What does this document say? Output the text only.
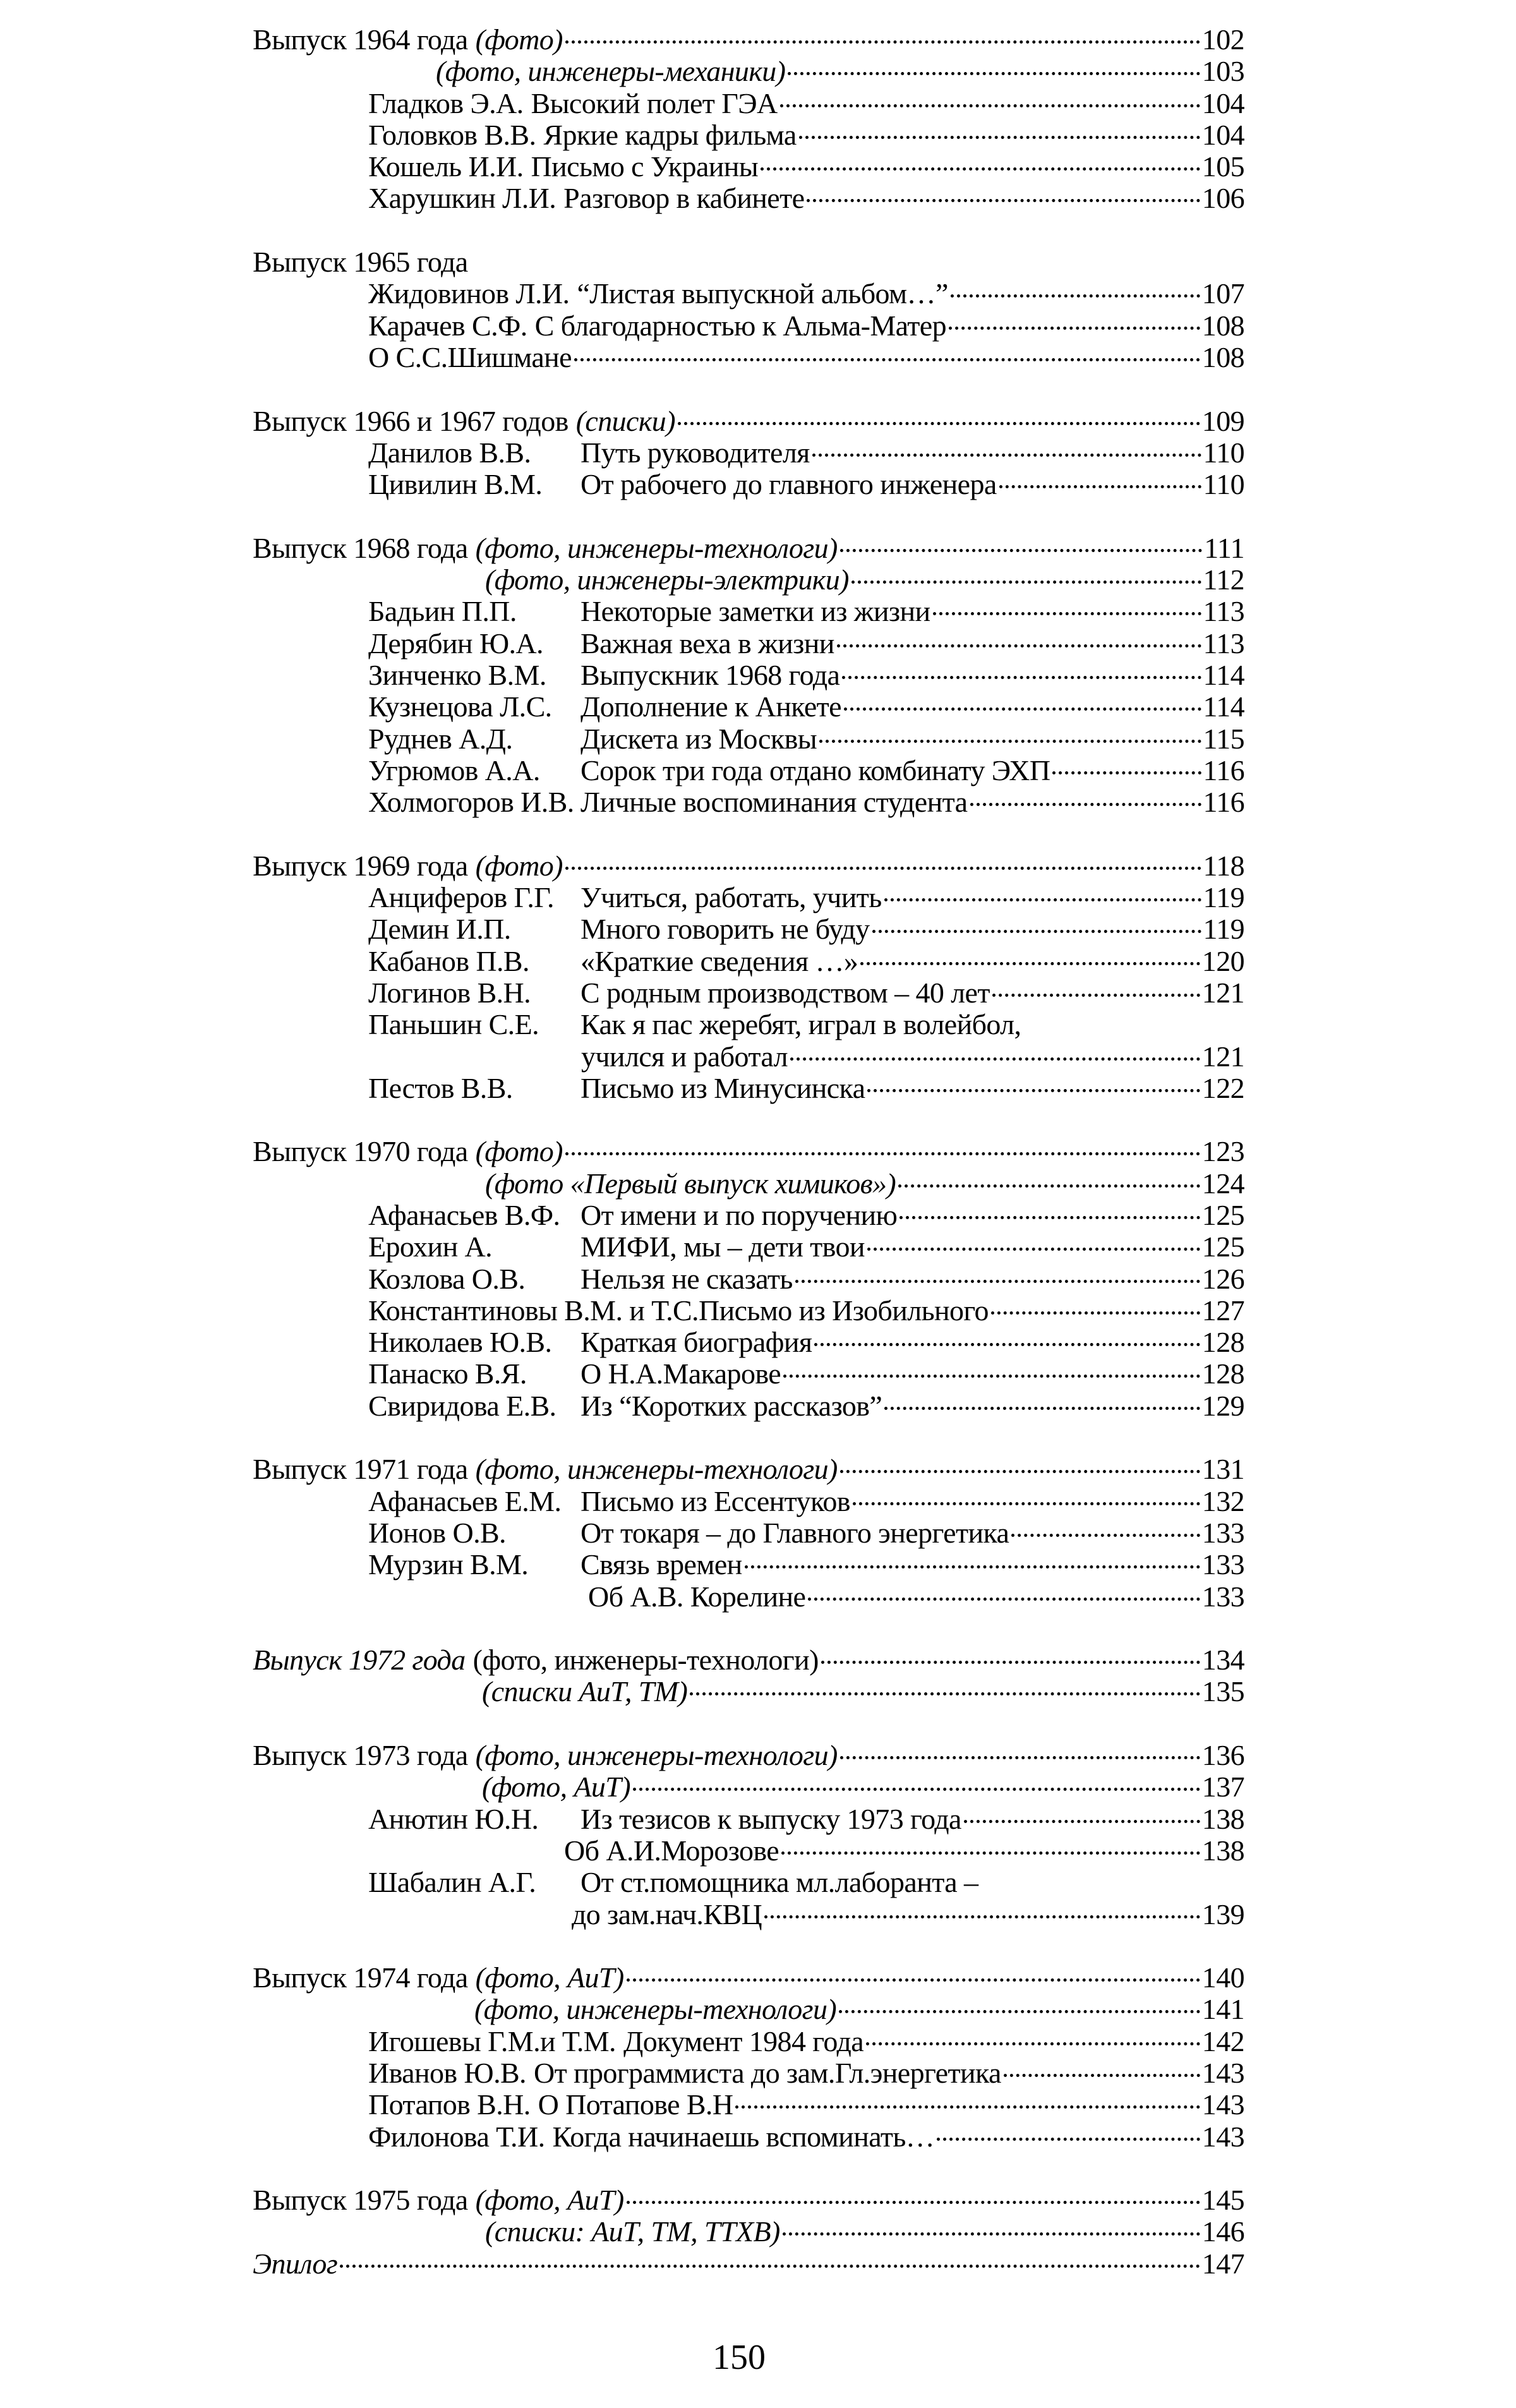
Выпуск 1964 года (фото)	102
(фото, инженеры-механики)	103
Гладков Э.А. Высокий полет ГЭА	104
Головков В.В. Яркие кадры фильма	104
Кошель И.И. Письмо с Украины	105
Харушкин Л.И. Разговор в кабинете	106
Выпуск 1965 года
Жидовинов Л.И. “Листая выпускной альбом…”	107
Карачев С.Ф. С благодарностью к Альма-Матер	108
О С.С.Шишмане	108
Выпуск 1966 и 1967 годов (списки)	109
Данилов В.В.	Путь руководителя	110
Цивилин В.М.	От рабочего до главного инженера	110
Выпуск 1968 года (фото, инженеры-технологи)	111
(фото, инженеры-электрики)	112
Бадьин П.П.	Некоторые заметки из жизни	113
Дерябин Ю.А.	Важная веха в жизни	113
Зинченко В.М.	Выпускник 1968 года	114
Кузнецова Л.С. Дополнение к Анкете	114
Руднев А.Д.	Дискета из Москвы	115
Угрюмов А.А.	Сорок три года отдано комбинату ЭХП	116
Холмогоров И.В. Личные воспоминания студента	116
Выпуск 1969 года (фото)	118
Анциферов Г.Г. Учиться, работать, учить	119
Демин И.П.	Много говорить не буду	119
Кабанов П.В.	«Краткие сведения …»	120
Логинов В.Н.	С родным производством – 40 лет	121
Паньшин С.Е.	Как я пас жеребят, играл в волейбол,
учился и работал	121
Пестов В.В.	Письмо из Минусинска	122
Выпуск 1970 года (фото)	123
(фото «Первый выпуск химиков»)	124
Афанасьев В.Ф. От имени и по поручению	125
Ерохин А.	МИФИ, мы – дети твои	125
Козлова О.В.	Нельзя не сказать	126
Константиновы В.М. и Т.С. Письмо из Изобильного	127
Николаев Ю.В. Краткая биография	128
Панаско В.Я.	О Н.А.Макарове	128
Свиридова Е.В. Из “Коротких рассказов”	129
Выпуск 1971 года (фото, инженеры-технологи)	131
Афанасьев Е.М. Письмо из Ессентуков	132
Ионов О.В.	От токаря – до Главного энергетика	133
Мурзин В.М.	Связь времен	133
Об А.В. Корелине	133
Выпуск 1972 года (фото, инженеры-технологи)	134
(списки АиТ, ТМ)	135
Выпуск 1973 года (фото, инженеры-технологи)	136
(фото, АиТ)	137
Анютин Ю.Н.	Из тезисов к выпуску 1973 года	138
Об А.И.Морозове	138
Шабалин А.Г.	От ст.помощника мл.лаборанта –
до зам.нач.КВЦ	139
Выпуск 1974 года (фото, АиТ)	140
(фото, инженеры-технологи)	141
Игошевы Г.М.и Т.М. Документ 1984 года	142
Иванов Ю.В. От программиста до зам.Гл.энергетика	143
Потапов В.Н. О Потапове В.Н	143
Филонова Т.И. Когда начинаешь вспоминать…	143
Выпуск 1975 года (фото, АиТ)	145
(списки: АиТ, ТМ, ТТХВ)	146
Эпилог	147
150
